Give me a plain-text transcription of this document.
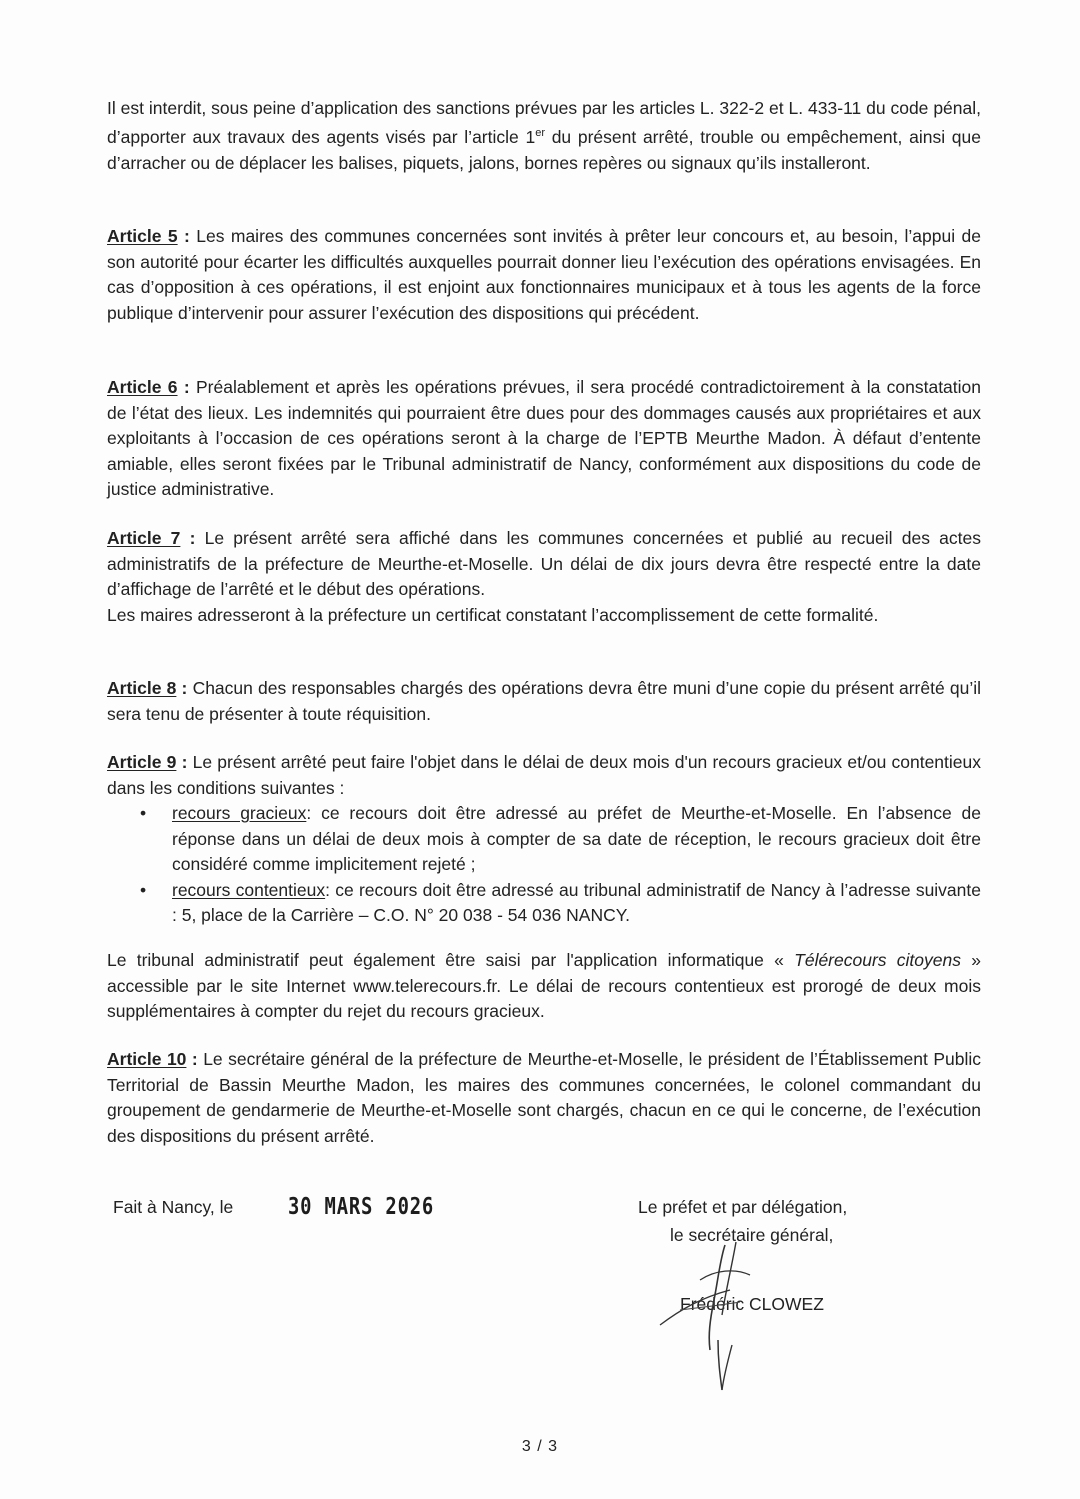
Il est interdit, sous peine d’application des sanctions prévues par les articles L. 322-2 et L. 433-11 du code pénal, d’apporter aux travaux des agents visés par l’article 1er du présent arrêté, trouble ou empêchement, ainsi que d’arracher ou de déplacer les balises, piquets, jalons, bornes repères ou signaux qu’ils installeront.

Article 5 : Les maires des communes concernées sont invités à prêter leur concours et, au besoin, l’appui de son autorité pour écarter les difficultés auxquelles pourrait donner lieu l’exécution des opérations envisagées. En cas d’opposition à ces opérations, il est enjoint aux fonctionnaires municipaux et à tous les agents de la force publique d’intervenir pour assurer l’exécution des dispositions qui précédent.

Article 6 : Préalablement et après les opérations prévues, il sera procédé contradictoirement à la constatation de l’état des lieux. Les indemnités qui pourraient être dues pour des dommages causés aux propriétaires et aux exploitants à l’occasion de ces opérations seront à la charge de l’EPTB Meurthe Madon. À défaut d’entente amiable, elles seront fixées par le Tribunal administratif de Nancy, conformément aux dispositions du code de justice administrative.

Article 7 : Le présent arrêté sera affiché dans les communes concernées et publié au recueil des actes administratifs de la préfecture de Meurthe-et-Moselle. Un délai de dix jours devra être respecté entre la date d’affichage de l’arrêté et le début des opérations.
Les maires adresseront à la préfecture un certificat constatant l’accomplissement de cette formalité.

Article 8 : Chacun des responsables chargés des opérations devra être muni d’une copie du présent arrêté qu’il sera tenu de présenter à toute réquisition.

Article 9 : Le présent arrêté peut faire l'objet dans le délai de deux mois d'un recours gracieux et/ou contentieux dans les conditions suivantes :
• recours gracieux: ce recours doit être adressé au préfet de Meurthe-et-Moselle. En l’absence de réponse dans un délai de deux mois à compter de sa date de réception, le recours gracieux doit être considéré comme implicitement rejeté ;
• recours contentieux: ce recours doit être adressé au tribunal administratif de Nancy à l’adresse suivante : 5, place de la Carrière – C.O. N° 20 038 - 54 036 NANCY.

Le tribunal administratif peut également être saisi par l'application informatique « Télérecours citoyens » accessible par le site Internet www.telerecours.fr. Le délai de recours contentieux est prorogé de deux mois supplémentaires à compter du rejet du recours gracieux.

Article 10 : Le secrétaire général de la préfecture de Meurthe-et-Moselle, le président de l’Établissement Public Territorial de Bassin Meurthe Madon, les maires des communes concernées, le colonel commandant du groupement de gendarmerie de Meurthe-et-Moselle sont chargés, chacun en ce qui le concerne, de l’exécution des dispositions du présent arrêté.

Fait à Nancy, le 30 MARS 2026	Le préfet et par délégation,
le secrétaire général,
Frédéric CLOWEZ
3 / 3
